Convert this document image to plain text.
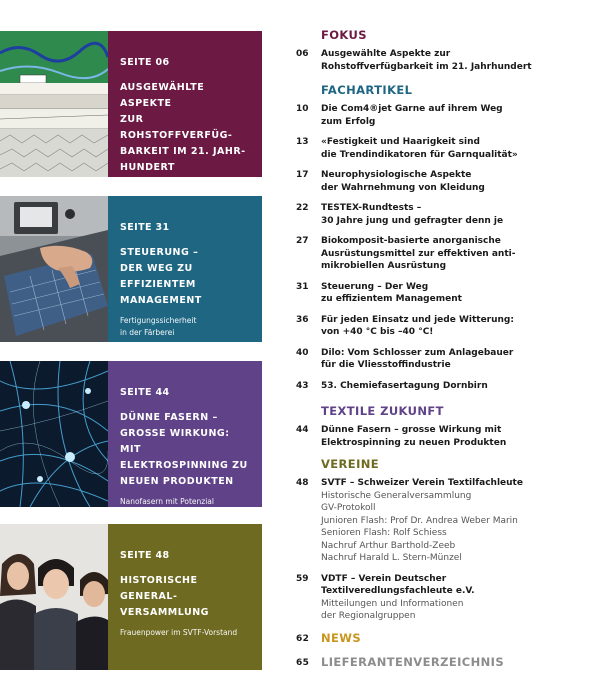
SEITE 06
AUSGEWÄHLTE ASPEKTE
ZUR ROHSTOFFVERFÜG-
BARKEIT IM 21. JAHR-
HUNDERT
K(r)ampf um Rohstoffe
SEITE 31
STEUERUNG –
DER WEG ZU EFFIZIENTEM
MANAGEMENT
Fertigungssicherheit
in der Färberei
SEITE 44
DÜNNE FASERN –
GROSSE WIRKUNG: MIT
ELEKTROSPINNING ZU
NEUEN PRODUKTEN
Nanofasern mit Potenzial
SEITE 48
HISTORISCHE GENERAL-
VERSAMMLUNG
Frauenpower im SVTF-Vorstand
FOKUS
06 Ausgewählte Aspekte zur
Rohstoffverfügbarkeit im 21. Jahrhundert
FACHARTIKEL
10 Die Com4®jet Garne auf ihrem Weg
zum Erfolg
13 «Festigkeit und Haarigkeit sind
die Trendindikatoren für Garnqualität»
17 Neurophysiologische Aspekte
der Wahrnehmung von Kleidung
22 TESTEX-Rundtests –
30 Jahre jung und gefragter denn je
27 Biokomposit-basierte anorganische
Ausrüstungsmittel zur effektiven anti-
mikrobiellen Ausrüstung
31 Steuerung – Der Weg
zu effizientem Management
36 Für jeden Einsatz und jede Witterung:
von +40 °C bis –40 °C!
40 Dilo: Vom Schlosser zum Anlagebauer
für die Vliesstoffindustrie
43 53. Chemiefasertagung Dornbirn
TEXTILE ZUKUNFT
44 Dünne Fasern – grosse Wirkung mit
Elektrospinning zu neuen Produkten
VEREINE
48 SVTF – Schweizer Verein Textilfachleute
Historische Generalversammlung
GV-Protokoll
Junioren Flash: Prof Dr. Andrea Weber Marin
Senioren Flash: Rolf Schiess
Nachruf Arthur Barthold-Zeeb
Nachruf Harald L. Stern-Münzel
59 VDTF – Verein Deutscher
Textilveredlungsfachleute e.V.
Mitteilungen und Informationen
der Regionalgruppen
62 NEWS
65 LIEFERANTENVERZEICHNIS
